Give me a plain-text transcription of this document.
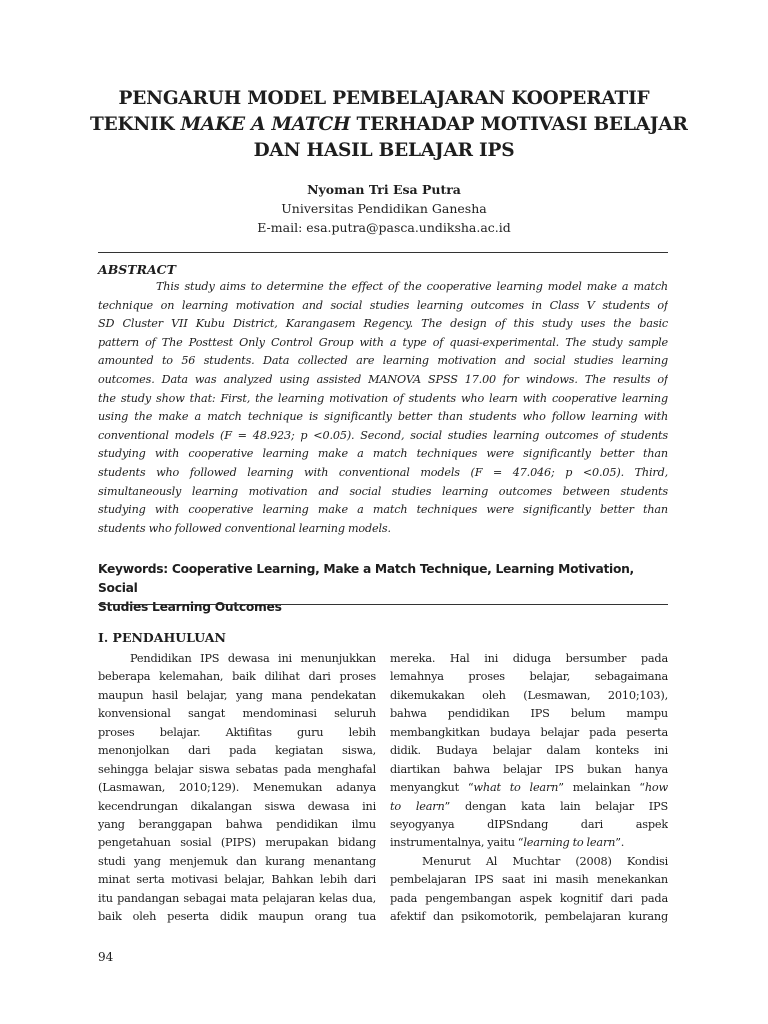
PENGARUH MODEL PEMBELAJARAN KOOPERATIF
TEKNIK MAKE A MATCH TERHADAP MOTIVASI BELAJAR
DAN HASIL BELAJAR IPS
Nyoman Tri Esa Putra
Universitas Pendidikan Ganesha
E-mail: esa.putra@pasca.undiksha.ac.id
ABSTRACT
This study aims to determine the effect of the cooperative learning model make a match
technique on learning motivation and social studies learning outcomes in Class V students of
SD Cluster VII Kubu District, Karangasem Regency. The design of this study uses the basic
pattern of The Posttest Only Control Group with a type of quasi-experimental. The study sample
amounted to 56 students. Data collected are learning motivation and social studies learning
outcomes. Data was analyzed using assisted MANOVA SPSS 17.00 for windows. The results of
the study show that: First, the learning motivation of students who learn with cooperative learning
using the make a match technique is significantly better than students who follow learning with
conventional models (F = 48.923; p <0.05). Second, social studies learning outcomes of students
studying with cooperative learning make a match techniques were significantly better than
students who followed learning with conventional models (F = 47.046; p <0.05). Third,
simultaneously learning motivation and social studies learning outcomes between students
studying with cooperative learning make a match techniques were significantly better than
students who followed conventional learning models.
Keywords: Cooperative Learning, Make a Match Technique, Learning Motivation, Social
Studies Learning Outcomes
I. PENDAHULUAN
Pendidikan IPS dewasa ini menunjukkan
beberapa kelemahan, baik dilihat dari proses
maupun hasil belajar, yang mana pendekatan
konvensional sangat mendominasi seluruh
proses belajar. Aktifitas guru lebih
menonjolkan dari pada kegiatan siswa,
sehingga belajar siswa sebatas pada menghafal
(Lasmawan, 2010;129). Menemukan adanya
kecendrungan dikalangan siswa dewasa ini
yang beranggapan bahwa pendidikan ilmu
pengetahuan sosial (PIPS) merupakan bidang
studi yang menjemuk dan kurang menantang
minat serta motivasi belajar, Bahkan lebih dari
itu pandangan sebagai mata pelajaran kelas dua,
baik oleh peserta didik maupun orang tua
mereka. Hal ini diduga bersumber pada
lemahnya proses belajar, sebagaimana
dikemukakan oleh (Lesmawan, 2010;103),
bahwa pendidikan IPS belum mampu
membangkitkan budaya belajar pada peserta
didik. Budaya belajar dalam konteks ini
diartikan bahwa belajar IPS bukan hanya
menyangkut “what to learn” melainkan “how
to learn” dengan kata lain belajar IPS
seyogyanya dIPSndang dari aspek
instrumentalnya, yaitu “learning to learn”.
Menurut Al Muchtar (2008) Kondisi
pembelajaran IPS saat ini masih menekankan
pada pengembangan aspek kognitif dari pada
afektif dan psikomotorik, pembelajaran kurang
94
